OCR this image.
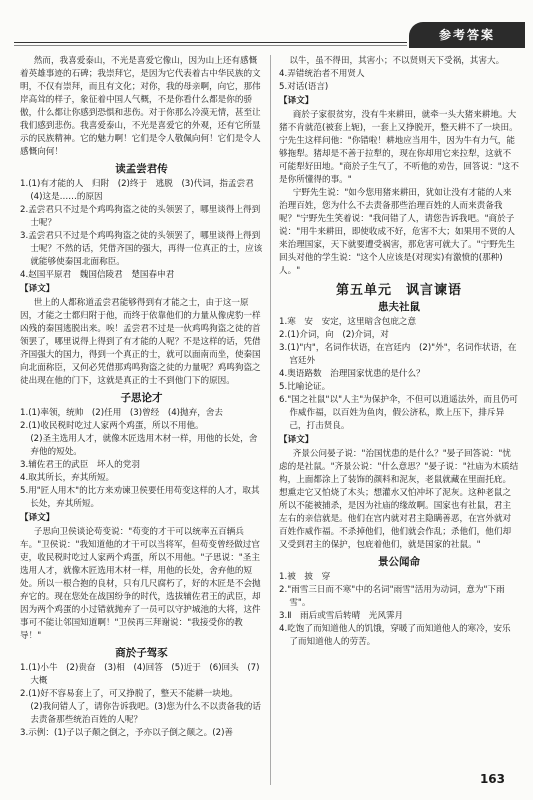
参考答案

然而，我喜爱泰山，不光是喜爱它像山，因为山上还有感慨着英雄事迹的石碑；我崇拜它，是因为它代表着古中华民族的文明，不仅有崇拜，而且有文化；对你，我的母亲啊，向它，那伟岸高耸的样子，象征着中国人气概，不是你看什么都是你的骄傲，什么都让你感到恐惧和悲伤。对于你那么冷漠无情，甚至让我们感到悲伤。我喜爱泰山，不光是喜爱它的外观，还有它所显示的民族精神。它的魅力啊！它们是令人敬佩向何！它们是令人感慨向何！

读孟尝君传

1.(1)有才能的人　归附　(2)终于　逃脱　(3)代词，指孟尝君　(4)这是……的原因

2.孟尝君只不过是个鸡鸣狗盗之徒的头领罢了，哪里谈得上得到士呢？

3.孟尝君只不过是个鸡鸣狗盗之徒的头领罢了，哪里谈得上得到士呢？不然的话，凭借齐国的强大，再得一位真正的士，应该就能够使秦国北面称臣。

4.赵国平原君　魏国信陵君　楚国春申君

【译文】

世上的人都称道孟尝君能够得到有才能之士，由于这一原因，才能之士都归附于他，而终于依靠他们的力量从像虎豹一样凶残的秦国逃脱出来。唉！孟尝君不过是一伙鸡鸣狗盗之徒的首领罢了，哪里说得上得到了有才能的人呢？不是这样的话，凭借齐国强大的国力，得到一个真正的士，就可以面南而坐，使秦国向北面称臣，又何必凭借那鸡鸣狗盗之徒的力量呢？鸡鸣狗盗之徒出现在他的门下，这就是真正的士不到他门下的原因。

子思论才

1.(1)率领，统帅　(2)任用　(3)曾经　(4)抛弃，舍去

2.(1)收民税时吃过人家两个鸡蛋，所以不用他。

(2)圣主选用人才，就像木匠选用木材一样，用他的长处，舍弃他的短处。

3.辅佐君王的武臣　坏人的党羽

4.取其所长，弃其所短。

5.用"匠人用木"的比方来劝谏卫侯要任用苟变这样的人才，取其长处，弃其所短。

【译文】

子思向卫侯谈论苟变说："苟变的才干可以统率五百辆兵车。"卫侯说："我知道他的才干可以当将军，但苟变曾经做过官吏，收民税时吃过人家两个鸡蛋，所以不用他。"子思说："圣主选用人才，就像木匠选用木材一样，用他的长处，舍弃他的短处。所以一根合抱的良材，只有几尺腐朽了，好的木匠是不会抛弃它的。现在您处在战国纷争的时代，选拔辅佐君王的武臣，却因为两个鸡蛋的小过错就抛弃了一员可以守护城池的大将，这件事可不能让邻国知道啊！"卫侯再三拜谢说："我接受你的教导！"

商於子驾豕

1.(1)小牛　(2)贵奋　(3)相　(4)回答　(5)近于　(6)回头　(7)大概

2.(1)好不容易套上了，可又挣脱了，整天不能耕一块地。

(2)我问错人了，请你告诉我吧。(3)您为什么不以责备我的话去责备那些统治百姓的人呢？

3.示例：(1)子以子颠之倒之，予亦以子倒之颠之。(2)善

以牛，虽不得田，其害小；不以贤则天下受祸，其害大。

4.弄错统治者不用贤人

5.对话(语言)

【译文】

商於子家很贫穷，没有牛来耕田，就牵一头大猪来耕地。大猪不肯就范(被套上轭)，一套上又挣脱开，整天耕不了一块田。宁先生这样问他："你错啦！耕地应当用牛，因为牛有力气，能够拖犁。猪却是不善于拉犁的，现在你却用它来拉犁，这就不可能犁好田地。"商於子生气了，不听他的劝告，回答说："这不是你所懂得的事。"

宁野先生说："如今您用猪来耕田，犹如让没有才能的人来治理百姓，您为什么不去责备那些治理百姓的人而来责备我呢？"宁野先生笑着说："我问错了人，请您告诉我吧。"商於子说："用牛来耕田，即使收成不好，危害不大；如果用不贤的人来治理国家，天下就要遭受祸害，那危害可就大了。"宁野先生回头对他的学生说："这个人应该是(对现实)有激愤的(那种)人。"

第五单元　讽言谏语
患夫社鼠

1.寒　安　安定，这里暗含包庇之意

2.(1)介词，向　(2)介词，对

3.(1)"内"，名词作状语，在宫廷内　(2)"外"，名词作状语，在宫廷外

4.奥语路数　治理国家忧患的是什么？

5.比喻论证。

6."国之社鼠"以"人主"为保护伞，不但可以逍遥法外，而且仍可作威作福，以百姓为鱼肉，假公济私，欺上压下，排斥异己，打击贤良。

【译文】

齐景公问晏子说："治国忧患的是什么？"晏子回答说："忧虑的是社鼠。"齐景公说："什么意思？"晏子说："社庙为木质结构，上面都涂上了装饰的颜料和泥灰，老鼠就藏在里面托庇。想熏走它又怕烧了木头；想灌水又怕冲坏了泥灰。这种老鼠之所以不能被捕杀，是因为社庙的缘故啊。国家也有社鼠，君主左右的亲信就是。他们在宫内就对君主隐瞒善恶，在宫外就对百姓作威作福。不杀掉他们，他们就会作乱；杀他们，他们却又受到君主的保护，包庇着他们，就是国家的社鼠。"

景公闻命

1.被　披　穿

2."雨雪三日而不寒"中的名词"雨雪"活用为动词，意为"下雨雪"。

3.Ⅱ　雨后或雪后转晴　光风霁月

4.吃饱了而知道他人的饥饿，穿暖了而知道他人的寒冷，安乐了而知道他人的劳苦。

163
